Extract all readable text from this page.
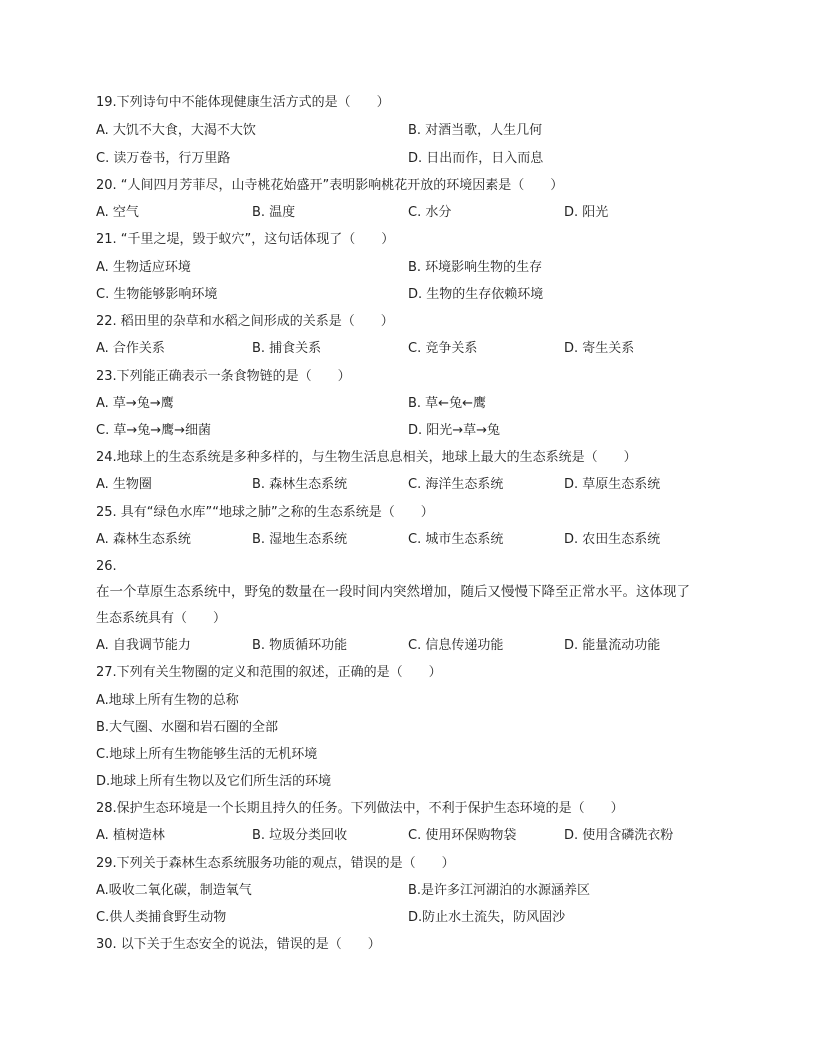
19.下列诗句中不能体现健康生活方式的是（　　）
A. 大饥不大食，大渴不大饮	B. 对酒当歌，人生几何
C. 读万卷书，行万里路	D. 日出而作，日入而息
20. “人间四月芳菲尽，山寺桃花始盛开”表明影响桃花开放的环境因素是（　　）
A. 空气	B. 温度	C. 水分	D. 阳光
21. “千里之堤，毁于蚁穴”，这句话体现了（　　）
A. 生物适应环境	B. 环境影响生物的生存
C. 生物能够影响环境	D. 生物的生存依赖环境
22. 稻田里的杂草和水稻之间形成的关系是（　　）
A. 合作关系	B. 捕食关系	C. 竞争关系	D. 寄生关系
23.下列能正确表示一条食物链的是（　　）
A. 草→兔→鹰	B. 草←兔←鹰
C. 草→兔→鹰→细菌	D. 阳光→草→兔
24.地球上的生态系统是多种多样的，与生物生活息息相关，地球上最大的生态系统是（　　）
A. 生物圈	B. 森林生态系统	C. 海洋生态系统	D. 草原生态系统
25. 具有“绿色水库”“地球之肺”之称的生态系统是（　　）
A. 森林生态系统	B. 湿地生态系统	C. 城市生态系统	D. 农田生态系统
26.
在一个草原生态系统中，野兔的数量在一段时间内突然增加，随后又慢慢下降至正常水平。这体现了
生态系统具有（　　）
A. 自我调节能力	B. 物质循环功能	C. 信息传递功能	D. 能量流动功能
27.下列有关生物圈的定义和范围的叙述，正确的是（　　）
A.地球上所有生物的总称
B.大气圈、水圈和岩石圈的全部
C.地球上所有生物能够生活的无机环境
D.地球上所有生物以及它们所生活的环境
28.保护生态环境是一个长期且持久的任务。下列做法中，不利于保护生态环境的是（　　）
A. 植树造林	B. 垃圾分类回收	C. 使用环保购物袋	D. 使用含磷洗衣粉
29.下列关于森林生态系统服务功能的观点，错误的是（　　）
A.吸收二氧化碳，制造氧气	B.是许多江河湖泊的水源涵养区
C.供人类捕食野生动物	D.防止水土流失，防风固沙
30. 以下关于生态安全的说法，错误的是（　　）
